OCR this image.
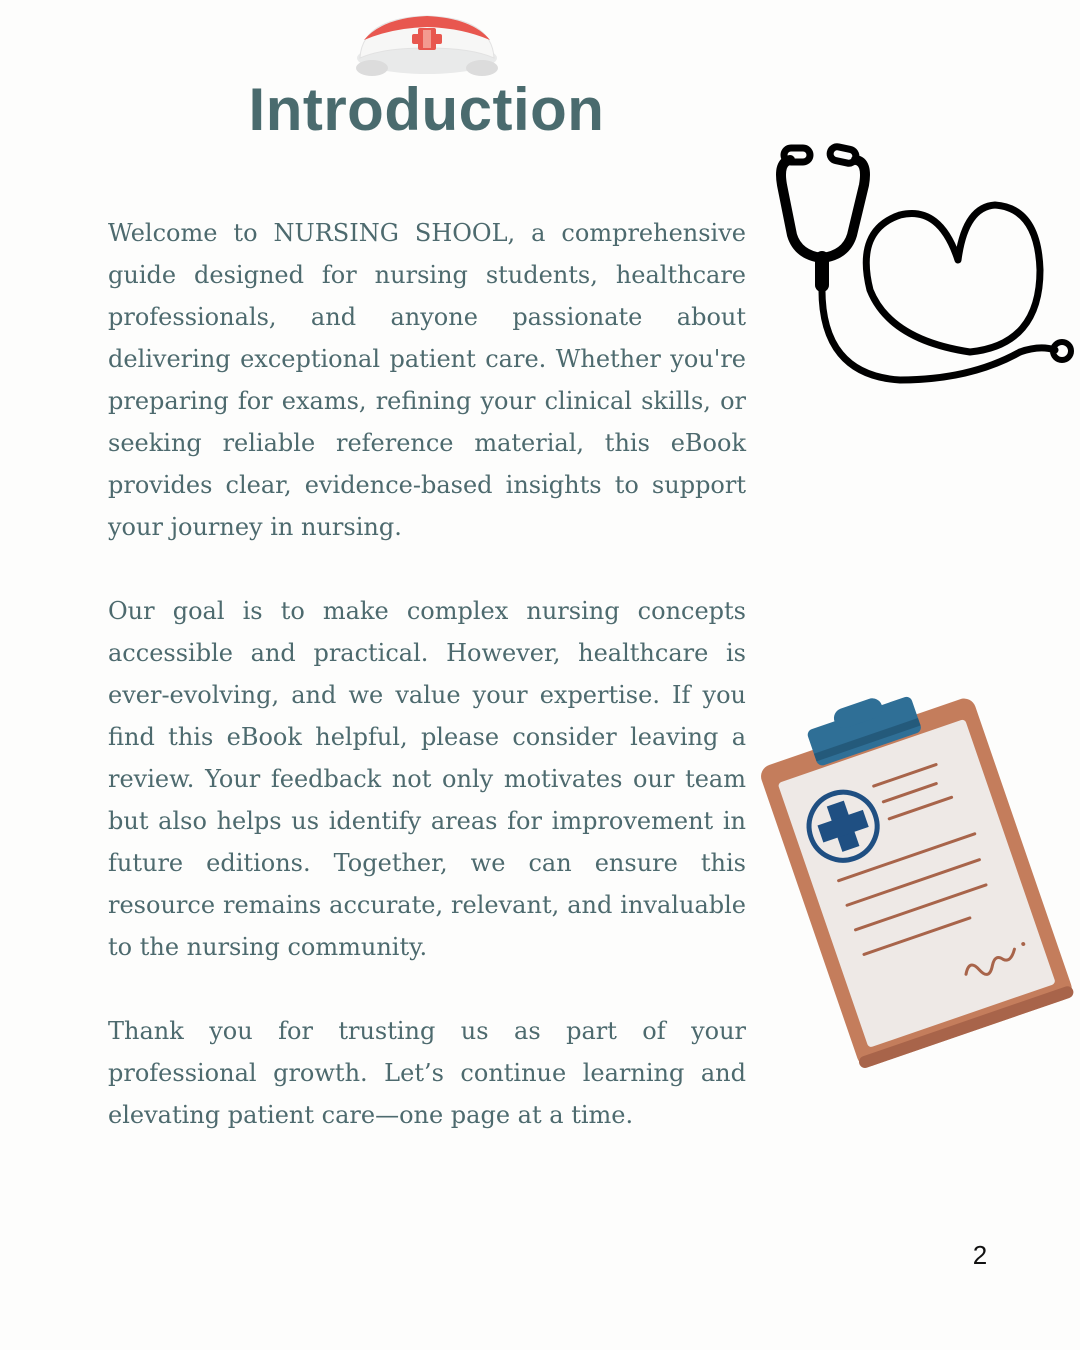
Introduction

Welcome to NURSING SHOOL, a comprehensive guide designed for nursing students, healthcare professionals, and anyone passionate about delivering exceptional patient care. Whether you're preparing for exams, refining your clinical skills, or seeking reliable reference material, this eBook provides clear, evidence-based insights to support your journey in nursing.

Our goal is to make complex nursing concepts accessible and practical. However, healthcare is ever-evolving, and we value your expertise. If you find this eBook helpful, please consider leaving a review. Your feedback not only motivates our team but also helps us identify areas for improvement in future editions. Together, we can ensure this resource remains accurate, relevant, and invaluable to the nursing community.

Thank you for trusting us as part of your professional growth. Let’s continue learning and elevating patient care—one page at a time.

2
